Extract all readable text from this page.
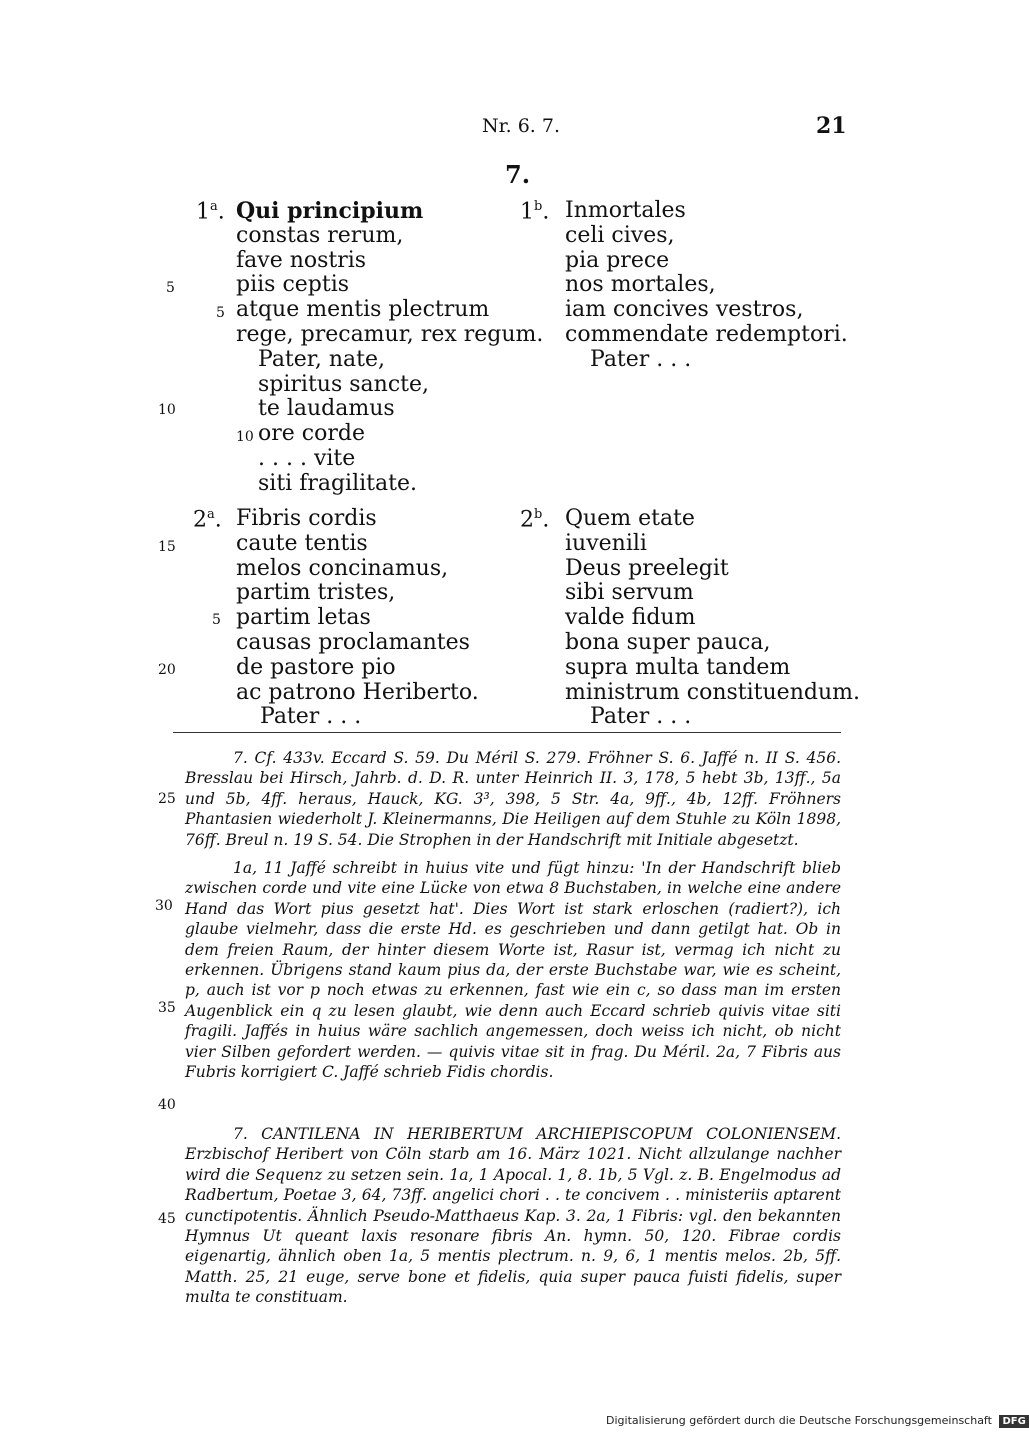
Nr. 6. 7.	21
7.
5
10
15
20
25
30
35
40
45
5
10
5
1$^a$.	1$^b$.
2$^a$.	2$^b$.
Qui principium
constas rerum,
fave nostris
piis ceptis
atque mentis plectrum
rege, precamur, rex regum.
Pater, nate,
spiritus sancte,
te laudamus
ore corde
. . . . vite
siti fragilitate.
Inmortales
celi cives,
pia prece
nos mortales,
iam concives vestros,
commendate redemptori.
Pater . . .
Fibris cordis
caute tentis
melos concinamus,
partim tristes,
partim letas
causas proclamantes
de pastore pio
ac patrono Heriberto.
Pater . . .
Quem etate
iuvenili
Deus preelegit
sibi servum
valde fidum
bona super pauca,
supra multa tandem
ministrum constituendum.
Pater . . .

7. Cf. 433v. Eccard S. 59. Du Méril S. 279. Fröhner S. 6. Jaffé n. II S. 456. Bresslau bei Hirsch, Jahrb. d. D. R. unter Heinrich II. 3, 178, 5 hebt 3b, 13ff., 5a und 5b, 4ff. heraus, Hauck, KG. 3³, 398, 5 Str. 4a, 9ff., 4b, 12ff. Fröhners Phantasien wiederholt J. Kleinermanns, Die Heiligen auf dem Stuhle zu Köln 1898, 76ff. Breul n. 19 S. 54. Die Strophen in der Handschrift mit Initiale abgesetzt.

1a, 11 Jaffé schreibt in huius vite und fügt hinzu: 'In der Handschrift blieb zwischen corde und vite eine Lücke von etwa 8 Buchstaben, in welche eine andere Hand das Wort pius gesetzt hat'. Dies Wort ist stark erloschen (radiert?), ich glaube vielmehr, dass die erste Hd. es geschrieben und dann getilgt hat. Ob in dem freien Raum, der hinter diesem Worte ist, Rasur ist, vermag ich nicht zu erkennen. Übrigens stand kaum pius da, der erste Buchstabe war, wie es scheint, p, auch ist vor p noch etwas zu erkennen, fast wie ein c, so dass man im ersten Augenblick ein q zu lesen glaubt, wie denn auch Eccard schrieb quivis vitae siti fragili. Jaffés in huius wäre sachlich angemessen, doch weiss ich nicht, ob nicht vier Silben gefordert werden. — quivis vitae sit in frag. Du Méril. 2a, 7 Fibris aus Fubris korrigiert C. Jaffé schrieb Fidis chordis.

7. CANTILENA IN HERIBERTUM ARCHIEPISCOPUM COLONIENSEM. Erzbischof Heribert von Cöln starb am 16. März 1021. Nicht allzulange nachher wird die Sequenz zu setzen sein. 1a, 1 Apocal. 1, 8. 1b, 5 Vgl. z. B. Engelmodus ad Radbertum, Poetae 3, 64, 73ff. angelici chori . . te concivem . . ministeriis aptarent cunctipotentis. Ähnlich Pseudo-Matthaeus Kap. 3. 2a, 1 Fibris: vgl. den bekannten Hymnus Ut queant laxis resonare fibris An. hymn. 50, 120. Fibrae cordis eigenartig, ähnlich oben 1a, 5 mentis plectrum. n. 9, 6, 1 mentis melos. 2b, 5ff. Matth. 25, 21 euge, serve bone et fidelis, quia super pauca fuisti fidelis, super multa te constituam.

Digitalisierung gefördert durch die Deutsche Forschungsgemeinschaft DFG
